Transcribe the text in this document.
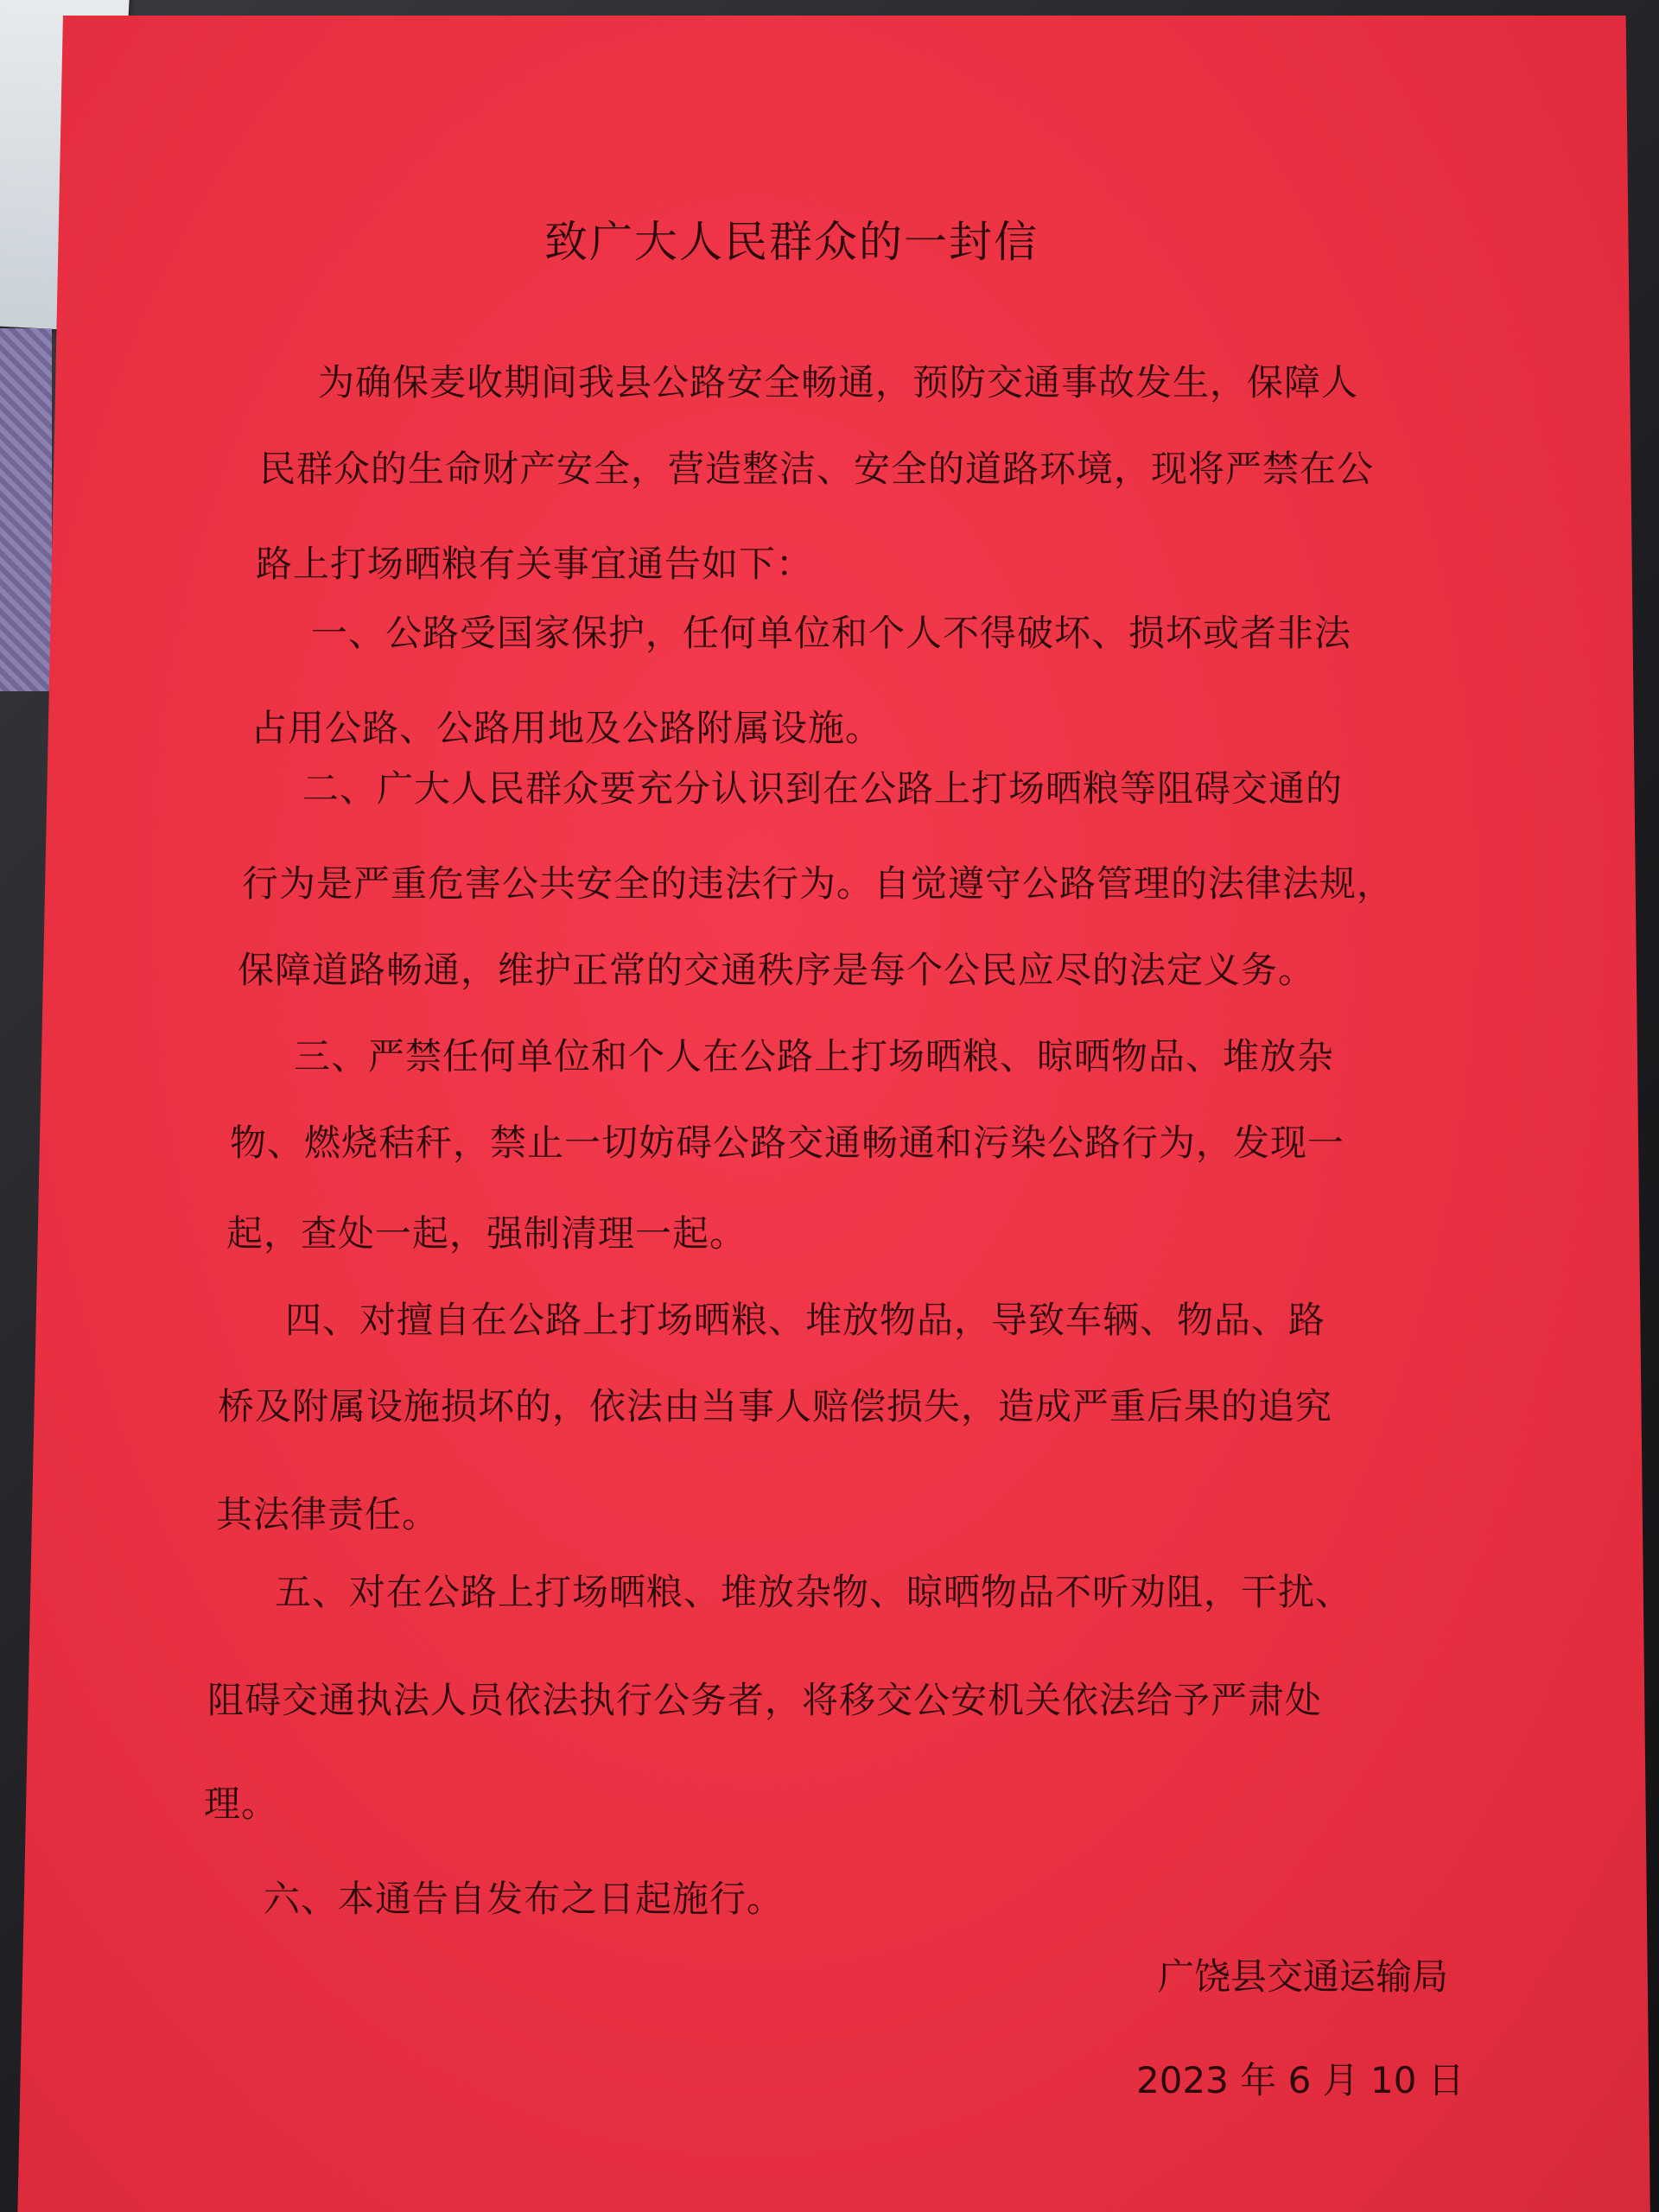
致广大人民群众的一封信
为确保麦收期间我县公路安全畅通，预防交通事故发生，保障人
民群众的生命财产安全，营造整洁、安全的道路环境，现将严禁在公
路上打场晒粮有关事宜通告如下：
一、公路受国家保护，任何单位和个人不得破坏、损坏或者非法
占用公路、公路用地及公路附属设施。
二、广大人民群众要充分认识到在公路上打场晒粮等阻碍交通的
行为是严重危害公共安全的违法行为。自觉遵守公路管理的法律法规，
保障道路畅通，维护正常的交通秩序是每个公民应尽的法定义务。
三、严禁任何单位和个人在公路上打场晒粮、晾晒物品、堆放杂
物、燃烧秸秆，禁止一切妨碍公路交通畅通和污染公路行为，发现一
起，查处一起，强制清理一起。
四、对擅自在公路上打场晒粮、堆放物品，导致车辆、物品、路
桥及附属设施损坏的，依法由当事人赔偿损失，造成严重后果的追究
其法律责任。
五、对在公路上打场晒粮、堆放杂物、晾晒物品不听劝阻，干扰、
阻碍交通执法人员依法执行公务者，将移交公安机关依法给予严肃处
理。
六、本通告自发布之日起施行。
广饶县交通运输局
2023 年 6 月 10 日
